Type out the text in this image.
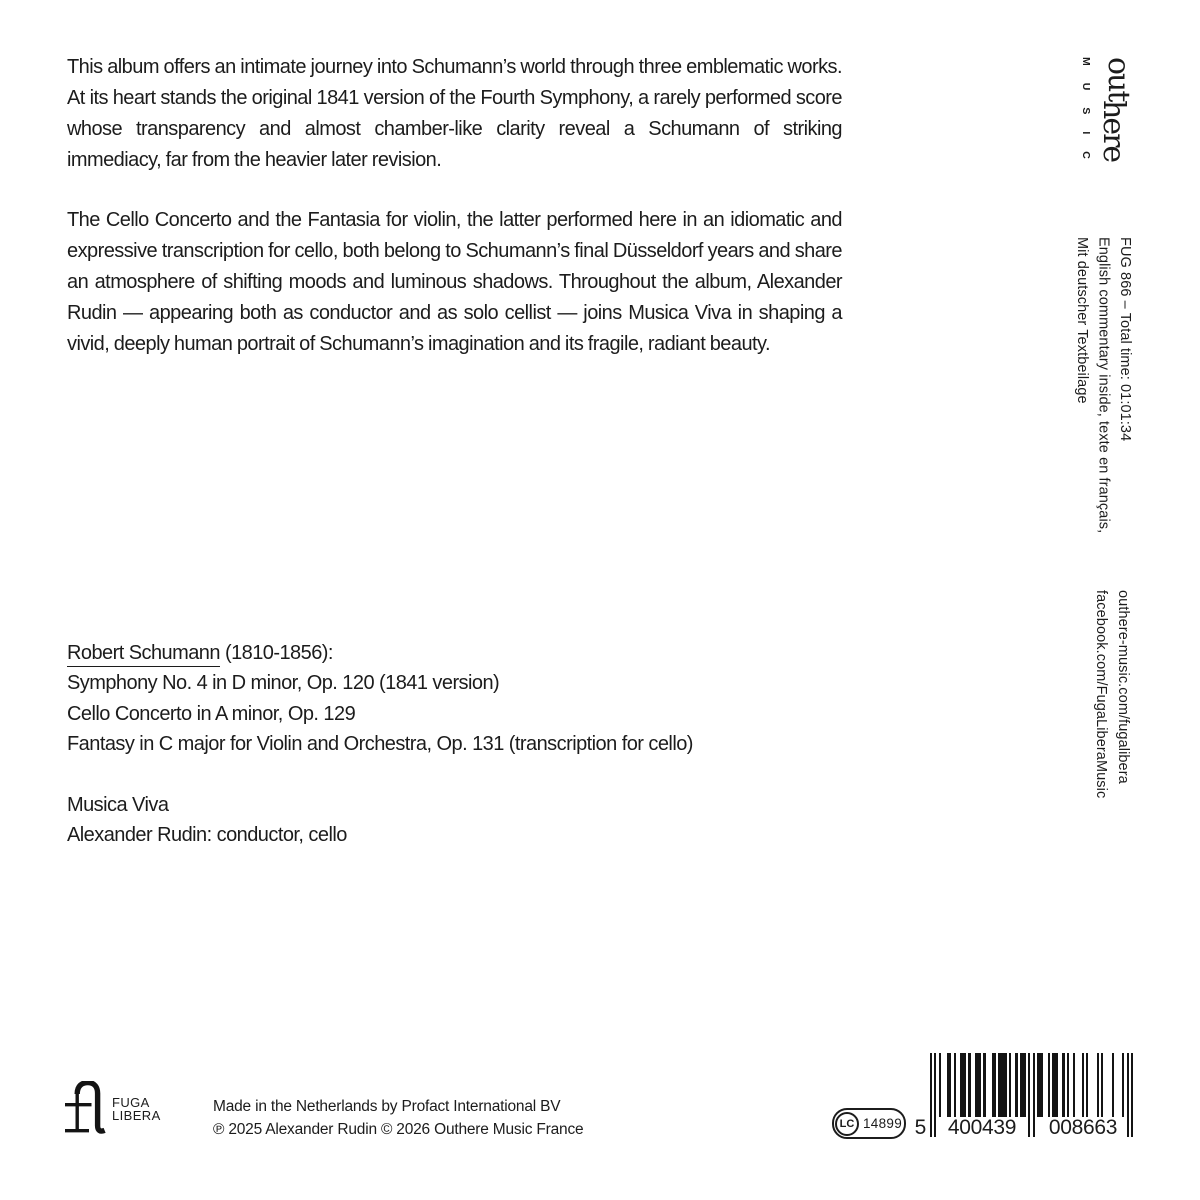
This album offers an intimate journey into Schumann’s world through three emblematic works. At its heart stands the original 1841 version of the Fourth Symphony, a rarely performed score whose transparency and almost chamber-like clarity reveal a Schumann of striking immediacy, far from the heavier later revision.

The Cello Concerto and the Fantasia for violin, the latter performed here in an idiomatic and expressive transcription for cello, both belong to Schumann’s final Düsseldorf years and share an atmosphere of shifting moods and luminous shadows. Throughout the album, Alexander Rudin — appearing both as conductor and as solo cellist — joins Musica Viva in shaping a vivid, deeply human portrait of Schumann’s imagination and its fragile, radiant beauty.

Robert Schumann (1810-1856):
Symphony No. 4 in D minor, Op. 120 (1841 version)
Cello Concerto in A minor, Op. 129
Fantasy in C major for Violin and Orchestra, Op. 131 (transcription for cello)
Musica Viva
Alexander Rudin: conductor, cello
outhere
MUSIC
FUG 866 – Total time: 01:01:34
English commentary inside, texte en français,
Mit deutscher Textbeilage
outhere-music.com/fugalibera
facebook.com/FugaLiberaMusic
FUGA
LIBERA	Made in the Netherlands by Profact International BV
℗ 2025 Alexander Rudin © 2026 Outhere Music France	LC 14899 5	400439	008663
